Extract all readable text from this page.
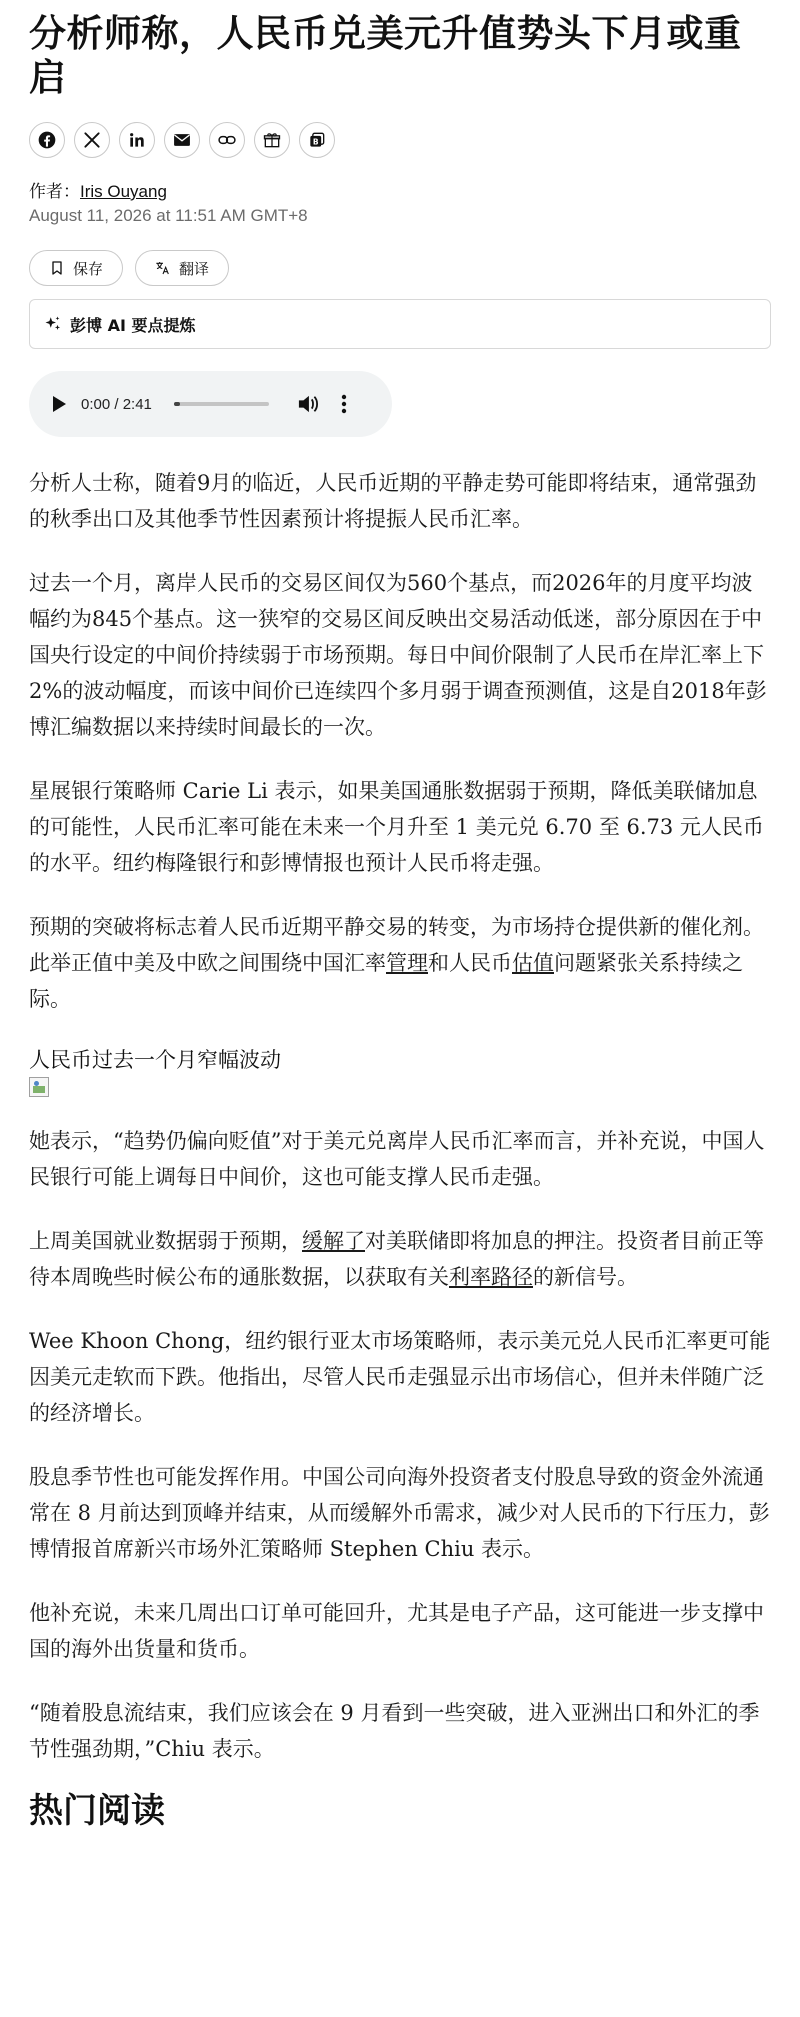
分析师称，人民币兑美元升值势头下月或重启
B
作者：Iris Ouyang
August 11, 2026 at 11:51 AM GMT+8
保存	翻译
彭博 AI 要点提炼
0:00 / 2:41

分析人士称，随着9月的临近，人民币近期的平静走势可能即将结束，通常强劲的秋季出口及其他季节性因素预计将提振人民币汇率。

过去一个月，离岸人民币的交易区间仅为560个基点，而2026年的月度平均波幅约为845个基点。这一狭窄的交易区间反映出交易活动低迷，部分原因在于中国央行设定的中间价持续弱于市场预期。每日中间价限制了人民币在岸汇率上下2%的波动幅度，而该中间价已连续四个多月弱于调查预测值，这是自2018年彭博汇编数据以来持续时间最长的一次。

星展银行策略师 Carie Li 表示，如果美国通胀数据弱于预期，降低美联储加息的可能性，人民币汇率可能在未来一个月升至 1 美元兑 6.70 至 6.73 元人民币的水平。纽约梅隆银行和彭博情报也预计人民币将走强。

预期的突破将标志着人民币近期平静交易的转变，为市场持仓提供新的催化剂。此举正值中美及中欧之间围绕中国汇率管理和人民币估值问题紧张关系持续之际。

人民币过去一个月窄幅波动

她表示，“趋势仍偏向贬值”对于美元兑离岸人民币汇率而言，并补充说，中国人民银行可能上调每日中间价，这也可能支撑人民币走强。

上周美国就业数据弱于预期，缓解了对美联储即将加息的押注。投资者目前正等待本周晚些时候公布的通胀数据，以获取有关利率路径的新信号。

Wee Khoon Chong，纽约银行亚太市场策略师，表示美元兑人民币汇率更可能因美元走软而下跌。他指出，尽管人民币走强显示出市场信心，但并未伴随广泛的经济增长。

股息季节性也可能发挥作用。中国公司向海外投资者支付股息导致的资金外流通常在 8 月前达到顶峰并结束，从而缓解外币需求，减少对人民币的下行压力，彭博情报首席新兴市场外汇策略师 Stephen Chiu 表示。

他补充说，未来几周出口订单可能回升，尤其是电子产品，这可能进一步支撑中国的海外出货量和货币。

“随着股息流结束，我们应该会在 9 月看到一些突破，进入亚洲出口和外汇的季节性强劲期，”Chiu 表示。

热门阅读
